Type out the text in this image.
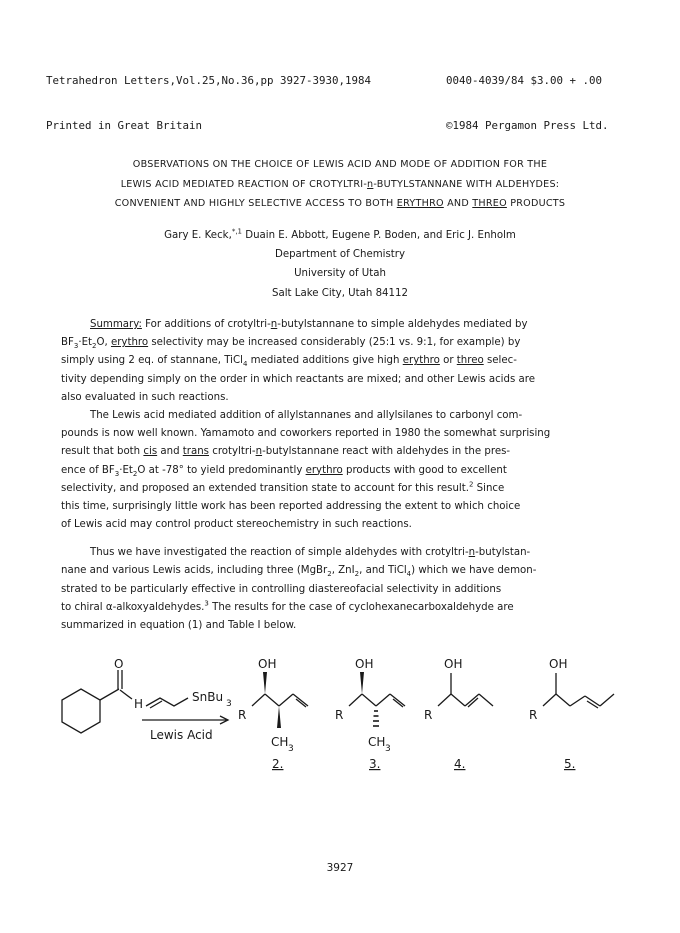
Tetrahedron Letters,Vol.25,No.36,pp 3927-3930,1984

Printed in Great Britain

0040-4039/84 $3.00 + .00

©1984 Pergamon Press Ltd.

OBSERVATIONS ON THE CHOICE OF LEWIS ACID AND MODE OF ADDITION FOR THE
LEWIS ACID MEDIATED REACTION OF CROTYLTRI-n-BUTYLSTANNANE WITH ALDEHYDES:
CONVENIENT AND HIGHLY SELECTIVE ACCESS TO BOTH ERYTHRO AND THREO PRODUCTS
Gary E. Keck,$^{*,1}$ Duain E. Abbott, Eugene P. Boden, and Eric J. Enholm
Department of Chemistry
University of Utah
Salt Lake City, Utah 84112
Summary: For additions of crotyltri-n-butylstannane to simple aldehydes mediated by
$BF_3\cdot Et_2O$, erythro selectivity may be increased considerably (25:1 vs. 9:1, for example) by
simply using 2 eq. of stannane, TiCl$_4$ mediated additions give high erythro or threo selec-
tivity depending simply on the order in which reactants are mixed; and other Lewis acids are
also evaluated in such reactions.
The Lewis acid mediated addition of allylstannanes and allylsilanes to carbonyl com-
pounds is now well known. Yamamoto and coworkers reported in 1980 the somewhat surprising
result that both cis and trans crotyltri-n-butylstannane react with aldehydes in the pres-
ence of $BF_3\cdot Et_2O$ at -78° to yield predominantly erythro products with good to excellent
selectivity, and proposed an extended transition state to account for this result.$^2$ Since
this time, surprisingly little work has been reported addressing the extent to which choice
of Lewis acid may control product stereochemistry in such reactions.
Thus we have investigated the reaction of simple aldehydes with crotyltri-n-butylstan-
nane and various Lewis acids, including three (MgBr$_2$, ZnI$_2$, and TiCl$_4$) which we have demon-
strated to be particularly effective in controlling diastereofacial selectivity in additions
to chiral α-alkoxyaldehydes.$^3$ The results for the case of cyclohexanecarboxaldehyde are
summarized in equation (1) and Table I below.
O
H	SnBu 3
Lewis Acid
OH
R
CH 3
2.
OH
R
CH 3
3.
OH
R
4.
OH
R
5.
3927
